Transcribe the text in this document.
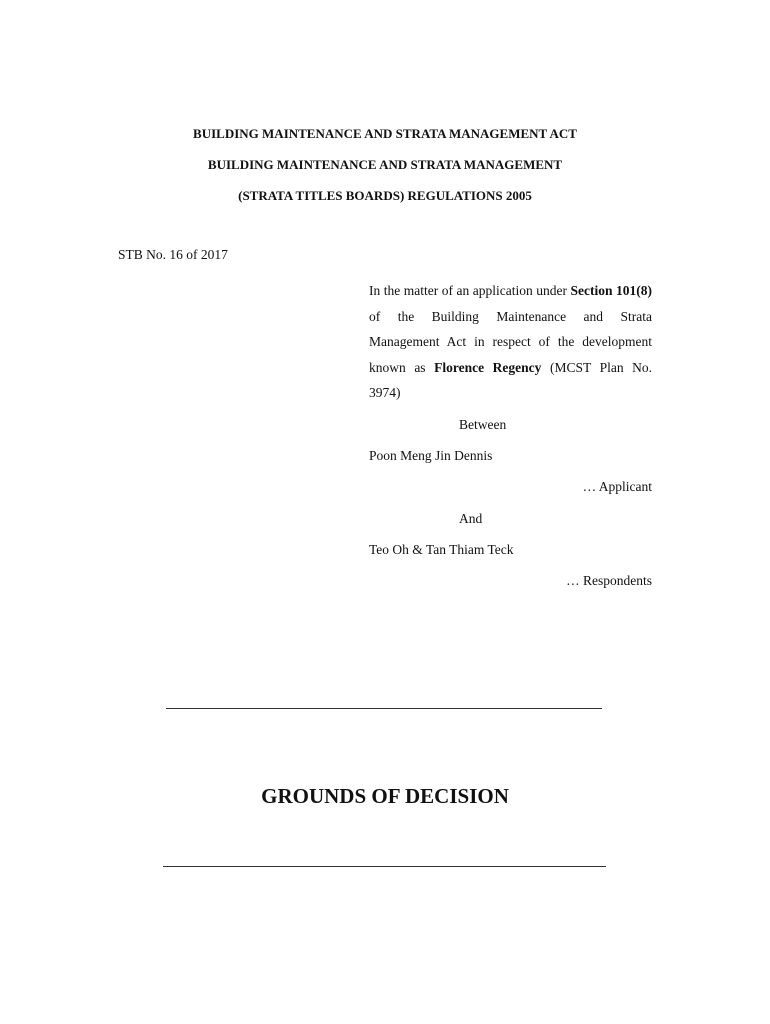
BUILDING MAINTENANCE AND STRATA MANAGEMENT ACT
BUILDING MAINTENANCE AND STRATA MANAGEMENT
(STRATA TITLES BOARDS) REGULATIONS 2005
STB No. 16 of 2017
In the matter of an application under Section 101(8) of the Building Maintenance and Strata Management Act in respect of the development known as Florence Regency (MCST Plan No. 3974)
Between
Poon Meng Jin Dennis
… Applicant
And
Teo Oh & Tan Thiam Teck
… Respondents
GROUNDS OF DECISION
